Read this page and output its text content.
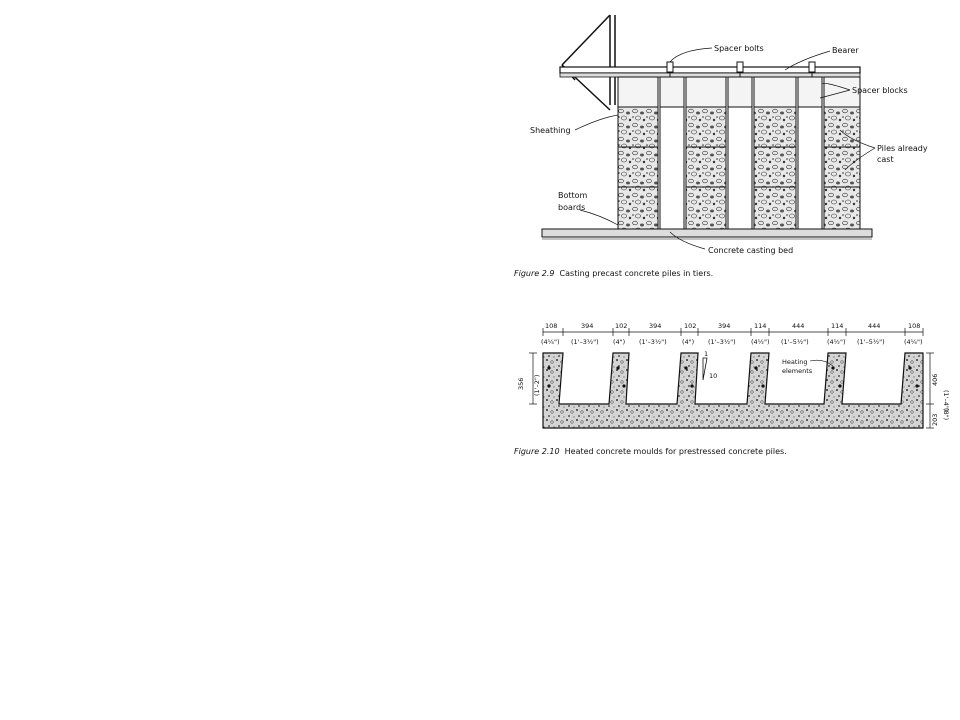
Spacer bolts	Bearer
Spacer blocks
Sheathing
Piles already
cast
Bottom
boards
Concrete casting bed
Figure 2.9 Casting precast concrete piles in tiers.
108	394	102	394	102	394	114	444	114	444	108
(4¼") (1'–3½") (4") (1'–3½") (4") (1'–3½") (4½") (1'–5½")	(4½") (1'–5½")	(4¼")
10
1
Heating
elements
356 (1'–2")	406
(1'–4")
203 (8")
Figure 2.10 Heated concrete moulds for prestressed concrete piles.
